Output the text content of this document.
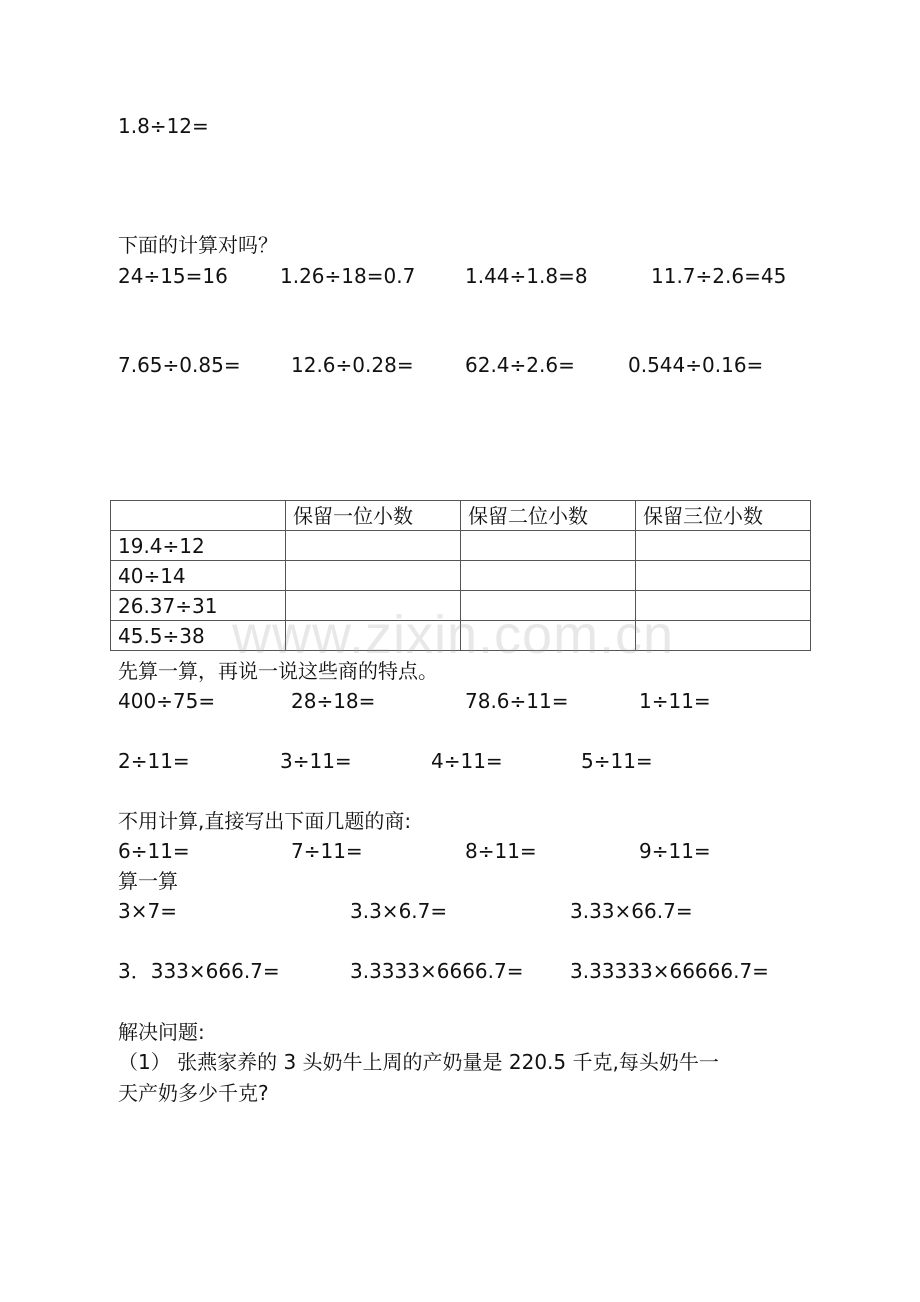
1.8÷12=
下面的计算对吗？
24÷15=16	1.26÷18=0.7 1.44÷1.8=8	11.7÷2.6=45
7.65÷0.85=	12.6÷0.28=	62.4÷2.6=	0.544÷0.16=
	保留一位小数	保留二位小数	保留三位小数
19.4÷12			
40÷14			
26.37÷31			
45.5÷38			www.zixin.com.cn
先算一算，再说一说这些商的特点。
400÷75=	28÷18=	78.6÷11=	1÷11=
2÷11=	3÷11=	4÷11=	5÷11=
不用计算,直接写出下面几题的商:
6÷11=	7÷11=	8÷11=	9÷11=
算一算
3×7=	3.3×6.7=	3.33×66.7=
3．333×666.7=	3.3333×6666.7= 3.33333×66666.7=
解决问题:
（1） 张燕家养的 3 头奶牛上周的产奶量是 220.5 千克,每头奶牛一
天产奶多少千克?
